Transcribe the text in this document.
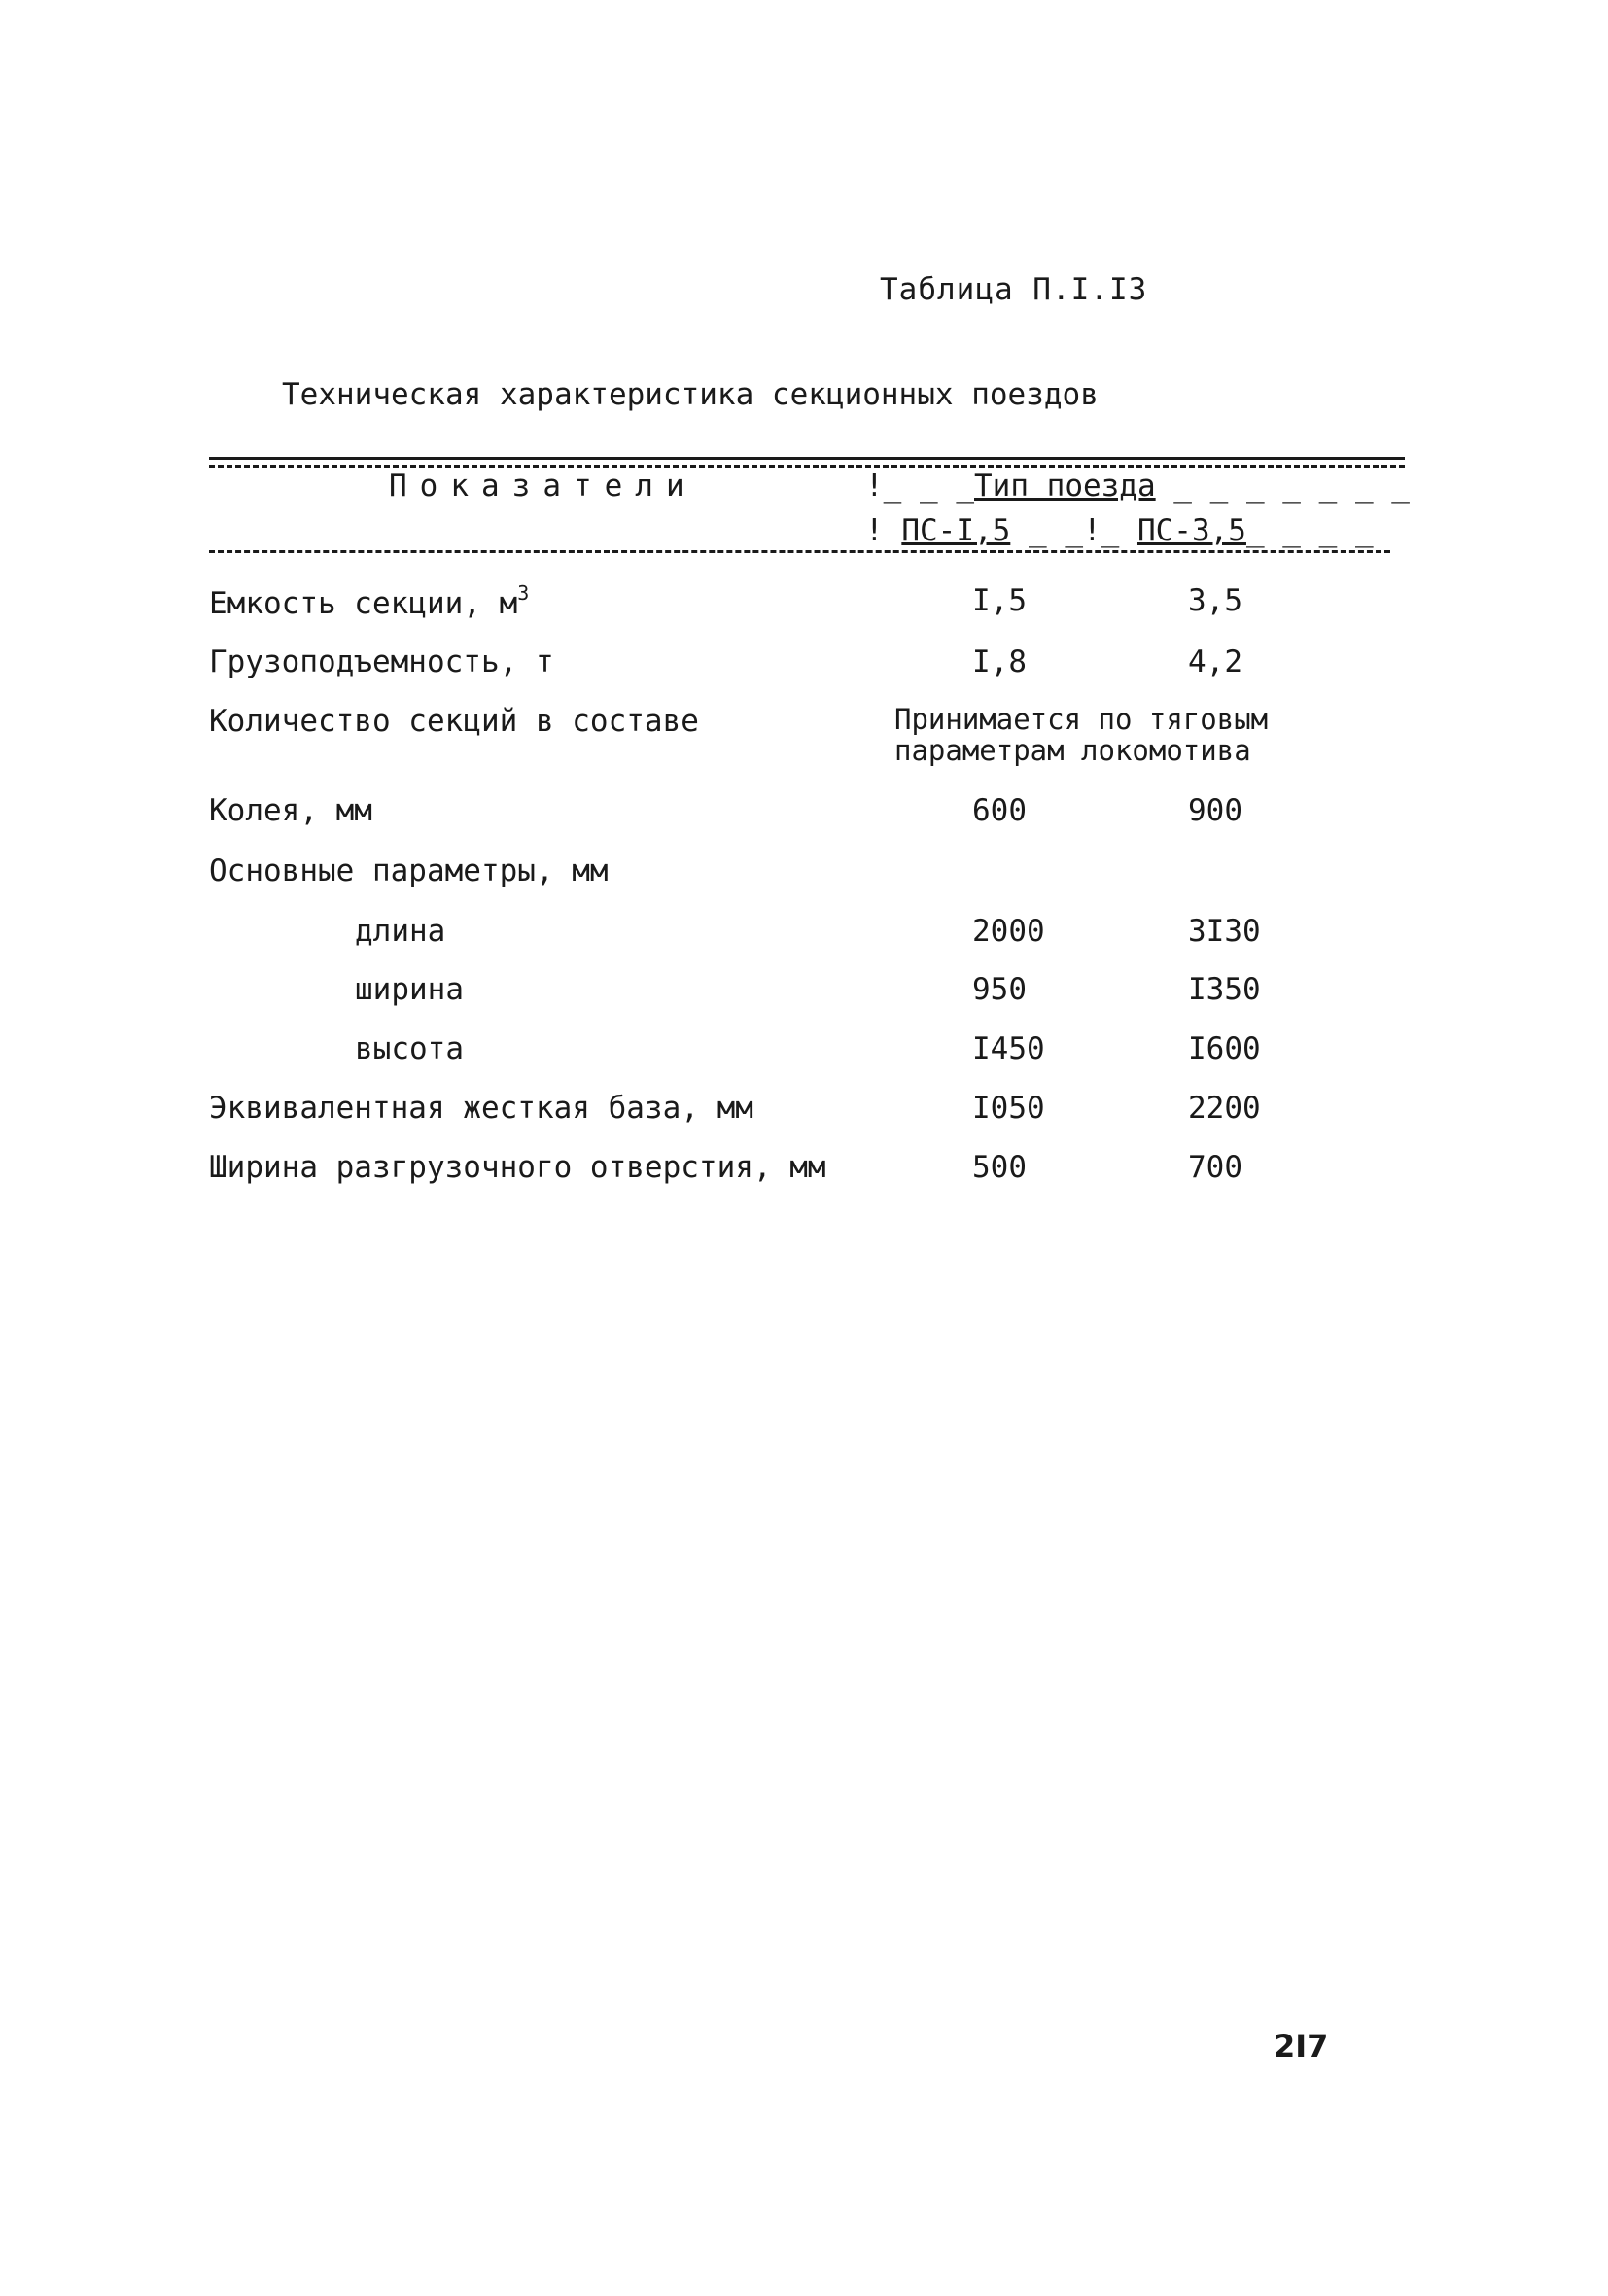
Таблица П.I.I3
Техническая характеристика секционных поездов
Показатели	!_ _ _Тип поезда _ _ _ _ _ _ _
! ПС-I,5 _ _!_ ПС-3,5_ _ _ _
Емкость секции, $м^3$	I,5	3,5
Грузоподъемность, т	I,8	4,2
Количество секций в составе	Принимается по тяговым параметрам локомотива
Колея, мм	600	900
Основные параметры, мм
длина	2000	3I30
ширина	950	I350
высота	I450	I600
Эквивалентная жесткая база, мм	I050	2200
Ширина разгрузочного отверстия, мм	500	700
2I7
